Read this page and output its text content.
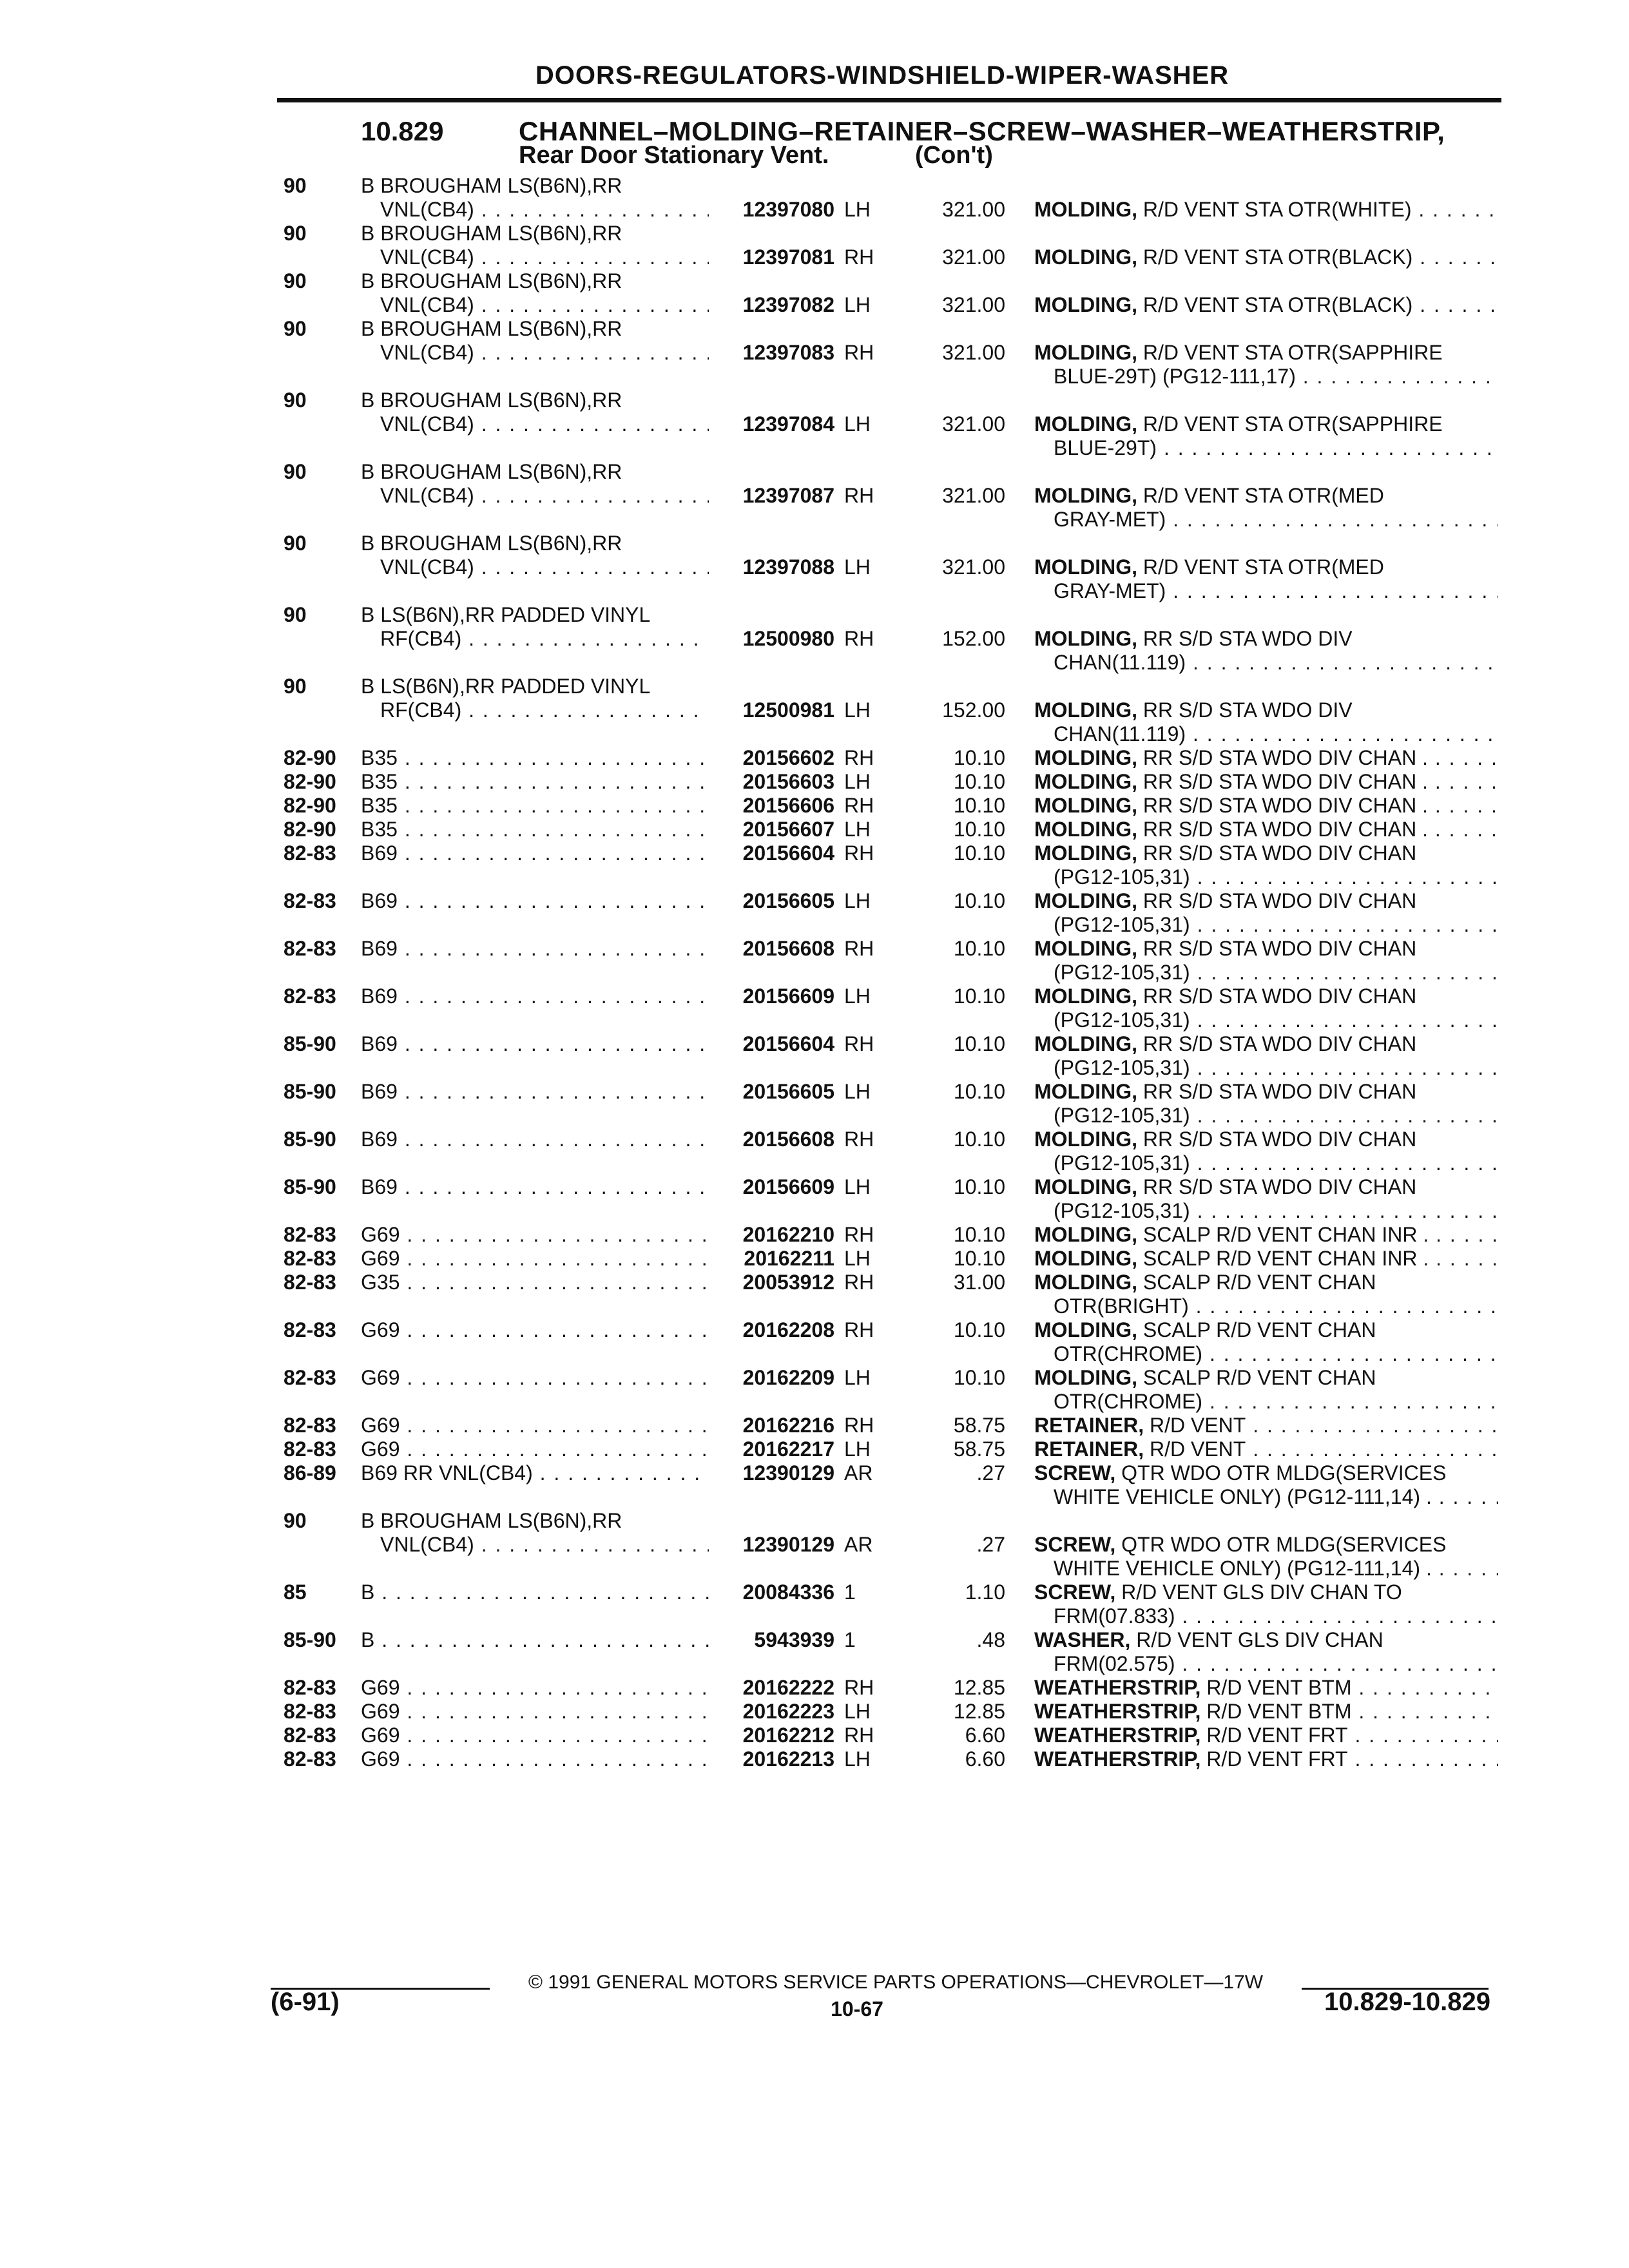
DOORS-REGULATORS-WINDSHIELD-WIPER-WASHER
10.829	CHANNEL–MOLDING–RETAINER–SCREW–WASHER–WEATHERSTRIP,
Rear Door Stationary Vent.	(Con't)
90	B BROUGHAM LS(B6N),RR
VNL(CB4) . . .	12397080 LH	321.00 MOLDING, R/D VENT STA OTR(WHITE) . . .
90	B BROUGHAM LS(B6N),RR
VNL(CB4) . . .	12397081 RH	321.00 MOLDING, R/D VENT STA OTR(BLACK) . . .
90	B BROUGHAM LS(B6N),RR
VNL(CB4) . . .	12397082 LH	321.00 MOLDING, R/D VENT STA OTR(BLACK) . . .
90	B BROUGHAM LS(B6N),RR
VNL(CB4) . . .	12397083 RH	321.00 MOLDING, R/D VENT STA OTR(SAPPHIRE
BLUE-29T) (PG12-111,17) . . .
90	B BROUGHAM LS(B6N),RR
VNL(CB4) . . .	12397084 LH	321.00 MOLDING, R/D VENT STA OTR(SAPPHIRE
BLUE-29T) . . .
90	B BROUGHAM LS(B6N),RR
VNL(CB4) . . .	12397087 RH	321.00 MOLDING, R/D VENT STA OTR(MED
GRAY-MET) . . .
90	B BROUGHAM LS(B6N),RR
VNL(CB4) . . .	12397088 LH	321.00 MOLDING, R/D VENT STA OTR(MED
GRAY-MET) . . .
90	B LS(B6N),RR PADDED VINYL
RF(CB4) . . .	12500980 RH	152.00 MOLDING, RR S/D STA WDO DIV
CHAN(11.119) . . .
90	B LS(B6N),RR PADDED VINYL
RF(CB4) . . .	12500981 LH	152.00 MOLDING, RR S/D STA WDO DIV
CHAN(11.119) . . .
82-90	B35 . . .	20156602 RH	10.10 MOLDING, RR S/D STA WDO DIV CHAN . . . .
82-90	B35 . . .	20156603 LH	10.10 MOLDING, RR S/D STA WDO DIV CHAN . . . .
82-90	B35 . . .	20156606 RH	10.10 MOLDING, RR S/D STA WDO DIV CHAN . . . .
82-90	B35 . . .	20156607 LH	10.10 MOLDING, RR S/D STA WDO DIV CHAN . . . .
82-83	B69 . . .	20156604 RH	10.10 MOLDING, RR S/D STA WDO DIV CHAN
(PG12-105,31) . . .
82-83	B69 . . .	20156605 LH	10.10 MOLDING, RR S/D STA WDO DIV CHAN
(PG12-105,31) . . .
82-83	B69 . . .	20156608 RH	10.10 MOLDING, RR S/D STA WDO DIV CHAN
(PG12-105,31) . . .
82-83	B69 . . .	20156609 LH	10.10 MOLDING, RR S/D STA WDO DIV CHAN
(PG12-105,31) . . .
85-90	B69 . . .	20156604 RH	10.10 MOLDING, RR S/D STA WDO DIV CHAN
(PG12-105,31) . . .
85-90	B69 . . .	20156605 LH	10.10 MOLDING, RR S/D STA WDO DIV CHAN
(PG12-105,31) . . .
85-90	B69 . . .	20156608 RH	10.10 MOLDING, RR S/D STA WDO DIV CHAN
(PG12-105,31) . . .
85-90	B69 . . .	20156609 LH	10.10 MOLDING, RR S/D STA WDO DIV CHAN
(PG12-105,31) . . .
82-83	G69 . . .	20162210 RH	10.10 MOLDING, SCALP R/D VENT CHAN INR . . . .
82-83	G69 . . .	20162211 LH	10.10 MOLDING, SCALP R/D VENT CHAN INR . . . .
82-83	G35 . . .	20053912 RH	31.00 MOLDING, SCALP R/D VENT CHAN
OTR(BRIGHT) . . .
82-83	G69 . . .	20162208 RH	10.10 MOLDING, SCALP R/D VENT CHAN
OTR(CHROME) . . .
82-83	G69 . . .	20162209 LH	10.10 MOLDING, SCALP R/D VENT CHAN
OTR(CHROME) . . .
82-83	G69 . . .	20162216 RH	58.75 RETAINER, R/D VENT . . .
82-83	G69 . . .	20162217 LH	58.75 RETAINER, R/D VENT . . .
86-89	B69 RR VNL(CB4) . . .	12390129 AR	.27 SCREW, QTR WDO OTR MLDG(SERVICES
WHITE VEHICLE ONLY) (PG12-111,14) . . . .
90	B BROUGHAM LS(B6N),RR
VNL(CB4) . . .	12390129 AR	.27 SCREW, QTR WDO OTR MLDG(SERVICES
WHITE VEHICLE ONLY) (PG12-111,14) . . . .
85	B . . .	20084336 1	1.10 SCREW, R/D VENT GLS DIV CHAN TO
FRM(07.833) . . .
85-90	B . . .	5943939 1	.48 WASHER, R/D VENT GLS DIV CHAN
FRM(02.575) . . .
82-83	G69 . . .	20162222 RH	12.85 WEATHERSTRIP, R/D VENT BTM . . .
82-83	G69 . . .	20162223 LH	12.85 WEATHERSTRIP, R/D VENT BTM . . .
82-83	G69 . . .	20162212 RH	6.60 WEATHERSTRIP, R/D VENT FRT . . .
82-83	G69 . . .	20162213 LH	6.60 WEATHERSTRIP, R/D VENT FRT . . .
© 1991 GENERAL MOTORS SERVICE PARTS OPERATIONS—CHEVROLET—17W
(6-91)	10-67	10.829-10.829
